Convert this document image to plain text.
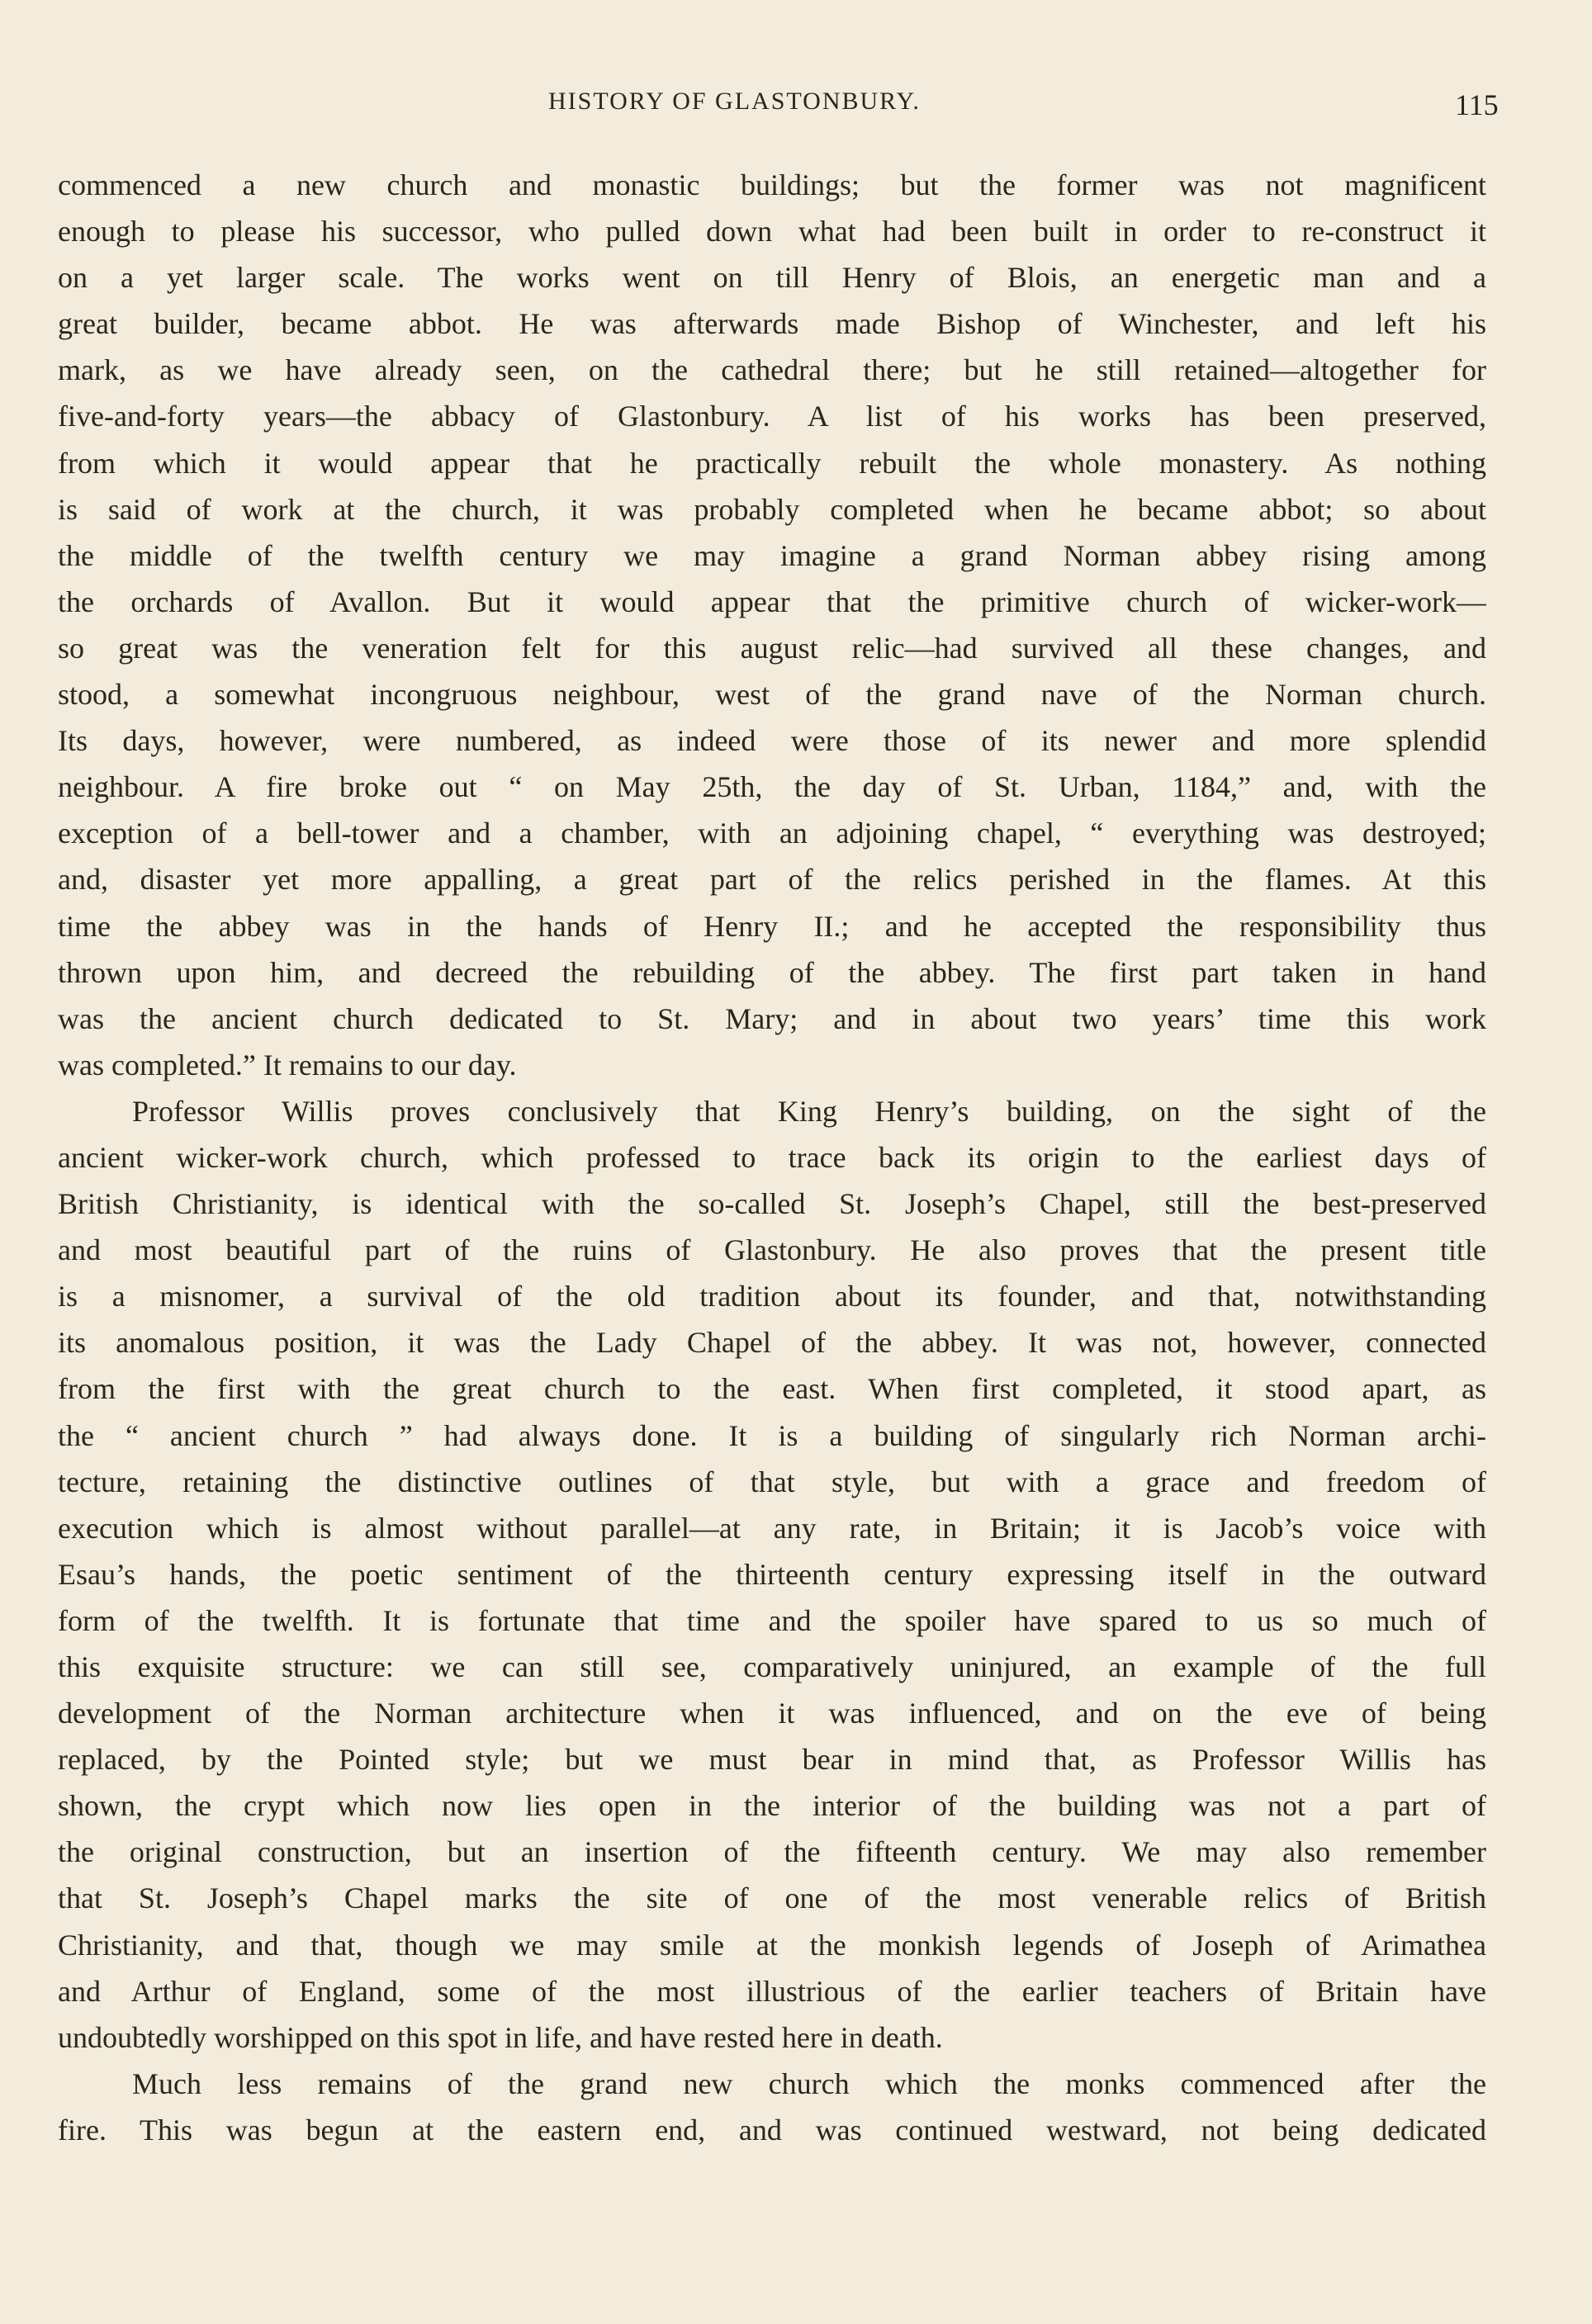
HISTORY OF GLASTONBURY.	115

commenced a new church and monastic buildings; but the former was not magnificent
enough to please his successor, who pulled down what had been built in order to re-construct it
on a yet larger scale. The works went on till Henry of Blois, an energetic man and a
great builder, became abbot. He was afterwards made Bishop of Winchester, and left his
mark, as we have already seen, on the cathedral there; but he still retained—altogether for
five-and-forty years—the abbacy of Glastonbury. A list of his works has been preserved,
from which it would appear that he practically rebuilt the whole monastery. As nothing
is said of work at the church, it was probably completed when he became abbot; so about
the middle of the twelfth century we may imagine a grand Norman abbey rising among
the orchards of Avallon. But it would appear that the primitive church of wicker-work—
so great was the veneration felt for this august relic—had survived all these changes, and
stood, a somewhat incongruous neighbour, west of the grand nave of the Norman church.
Its days, however, were numbered, as indeed were those of its newer and more splendid
neighbour. A fire broke out “ on May 25th, the day of St. Urban, 1184,” and, with the
exception of a bell-tower and a chamber, with an adjoining chapel, “ everything was destroyed;
and, disaster yet more appalling, a great part of the relics perished in the flames. At this
time the abbey was in the hands of Henry II.; and he accepted the responsibility thus
thrown upon him, and decreed the rebuilding of the abbey. The first part taken in hand
was the ancient church dedicated to St. Mary; and in about two years’ time this work
was completed.” It remains to our day.

Professor Willis proves conclusively that King Henry’s building, on the sight of the
ancient wicker-work church, which professed to trace back its origin to the earliest days of
British Christianity, is identical with the so-called St. Joseph’s Chapel, still the best-preserved
and most beautiful part of the ruins of Glastonbury. He also proves that the present title
is a misnomer, a survival of the old tradition about its founder, and that, notwithstanding
its anomalous position, it was the Lady Chapel of the abbey. It was not, however, connected
from the first with the great church to the east. When first completed, it stood apart, as
the “ ancient church ” had always done. It is a building of singularly rich Norman archi-
tecture, retaining the distinctive outlines of that style, but with a grace and freedom of
execution which is almost without parallel—at any rate, in Britain; it is Jacob’s voice with
Esau’s hands, the poetic sentiment of the thirteenth century expressing itself in the outward
form of the twelfth. It is fortunate that time and the spoiler have spared to us so much of
this exquisite structure: we can still see, comparatively uninjured, an example of the full
development of the Norman architecture when it was influenced, and on the eve of being
replaced, by the Pointed style; but we must bear in mind that, as Professor Willis has
shown, the crypt which now lies open in the interior of the building was not a part of
the original construction, but an insertion of the fifteenth century. We may also remember
that St. Joseph’s Chapel marks the site of one of the most venerable relics of British
Christianity, and that, though we may smile at the monkish legends of Joseph of Arimathea
and Arthur of England, some of the most illustrious of the earlier teachers of Britain have
undoubtedly worshipped on this spot in life, and have rested here in death.

Much less remains of the grand new church which the monks commenced after the
fire. This was begun at the eastern end, and was continued westward, not being dedicated
